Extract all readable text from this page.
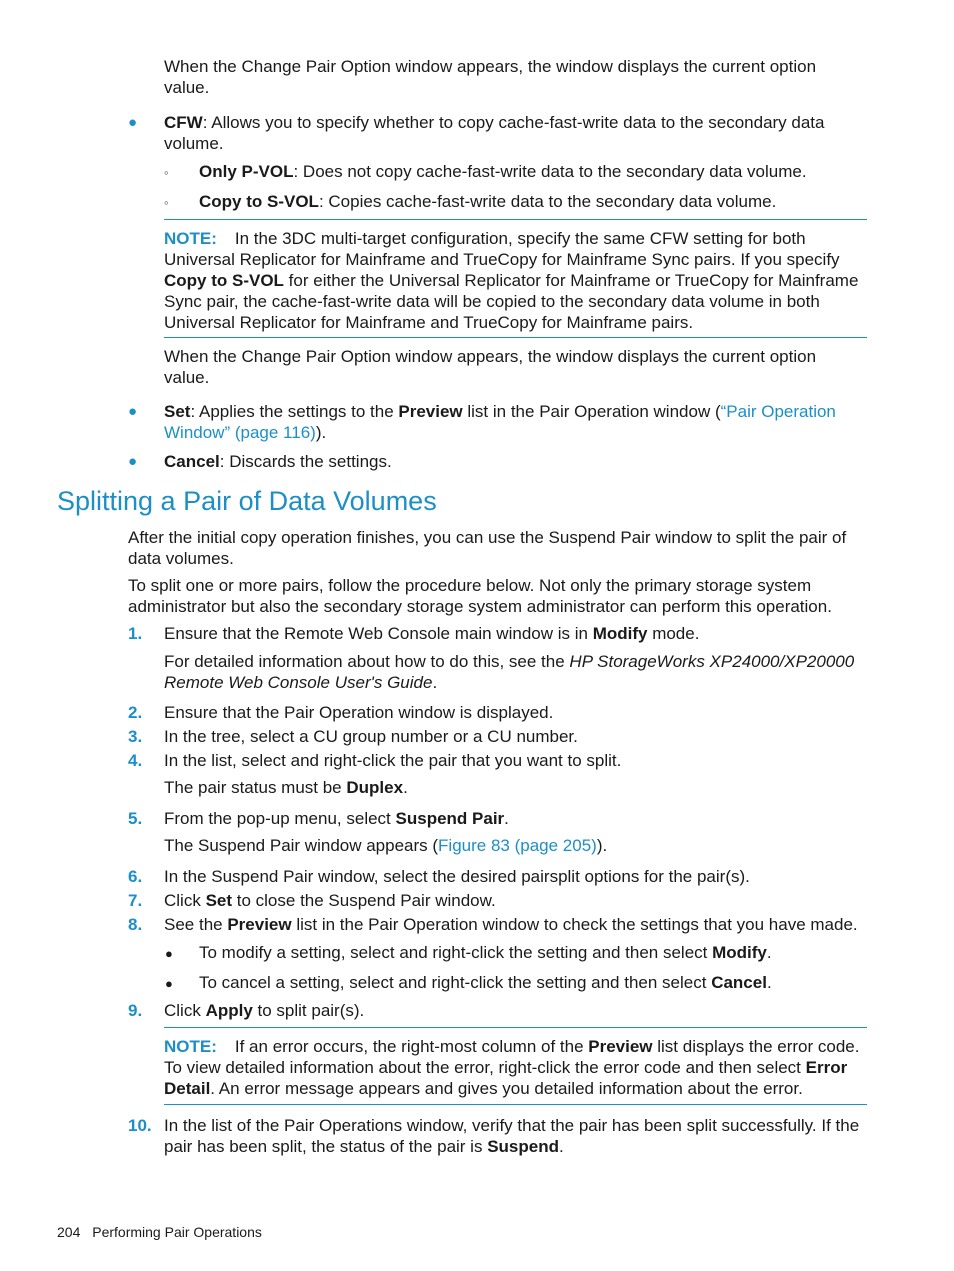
When the Change Pair Option window appears, the window displays the current option value.

● CFW: Allows you to specify whether to copy cache-fast-write data to the secondary data volume.

◦ Only P-VOL: Does not copy cache-fast-write data to the secondary data volume.

◦ Copy to S-VOL: Copies cache-fast-write data to the secondary data volume.

NOTE: In the 3DC multi-target configuration, specify the same CFW setting for both Universal Replicator for Mainframe and TrueCopy for Mainframe Sync pairs. If you specify Copy to S-VOL for either the Universal Replicator for Mainframe or TrueCopy for Mainframe Sync pair, the cache-fast-write data will be copied to the secondary data volume in both Universal Replicator for Mainframe and TrueCopy for Mainframe pairs.

When the Change Pair Option window appears, the window displays the current option value.

● Set: Applies the settings to the Preview list in the Pair Operation window (“Pair Operation Window” (page 116)).

● Cancel: Discards the settings.

Splitting a Pair of Data Volumes

After the initial copy operation finishes, you can use the Suspend Pair window to split the pair of data volumes.

To split one or more pairs, follow the procedure below. Not only the primary storage system administrator but also the secondary storage system administrator can perform this operation.

1. Ensure that the Remote Web Console main window is in Modify mode.

For detailed information about how to do this, see the HP StorageWorks XP24000/XP20000 Remote Web Console User's Guide.

2. Ensure that the Pair Operation window is displayed.

3. In the tree, select a CU group number or a CU number.

4. In the list, select and right-click the pair that you want to split.

The pair status must be Duplex.

5. From the pop-up menu, select Suspend Pair.

The Suspend Pair window appears (Figure 83 (page 205)).

6. In the Suspend Pair window, select the desired pairsplit options for the pair(s).

7. Click Set to close the Suspend Pair window.

8. See the Preview list in the Pair Operation window to check the settings that you have made.

● To modify a setting, select and right-click the setting and then select Modify.

● To cancel a setting, select and right-click the setting and then select Cancel.

9. Click Apply to split pair(s).

NOTE: If an error occurs, the right-most column of the Preview list displays the error code. To view detailed information about the error, right-click the error code and then select Error Detail. An error message appears and gives you detailed information about the error.

10. In the list of the Pair Operations window, verify that the pair has been split successfully. If the pair has been split, the status of the pair is Suspend.

204 Performing Pair Operations
